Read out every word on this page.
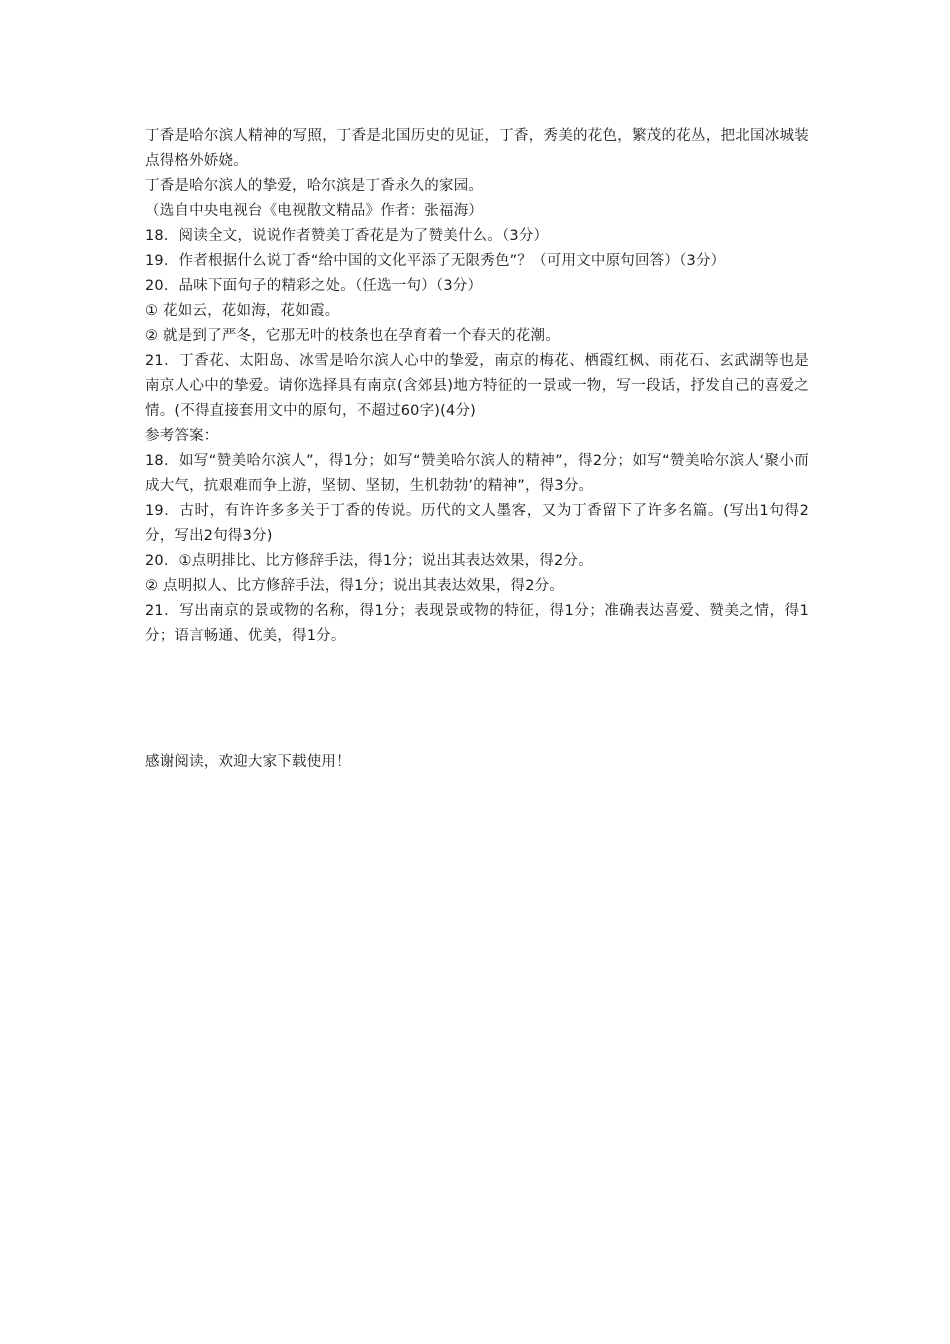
丁香是哈尔滨人精神的写照，丁香是北国历史的见证，丁香，秀美的花色，繁茂的花丛，把北国冰城装点得格外娇娆。

丁香是哈尔滨人的挚爱，哈尔滨是丁香永久的家园。

（选自中央电视台《电视散文精品》作者：张福海）

18．阅读全文，说说作者赞美丁香花是为了赞美什么。（3分）

19．作者根据什么说丁香“给中国的文化平添了无限秀色”？（可用文中原句回答）（3分）

20．品味下面句子的精彩之处。（任选一句）（3分）

① 花如云，花如海，花如霞。

② 就是到了严冬，它那无叶的枝条也在孕育着一个春天的花潮。

21．丁香花、太阳岛、冰雪是哈尔滨人心中的挚爱，南京的梅花、栖霞红枫、雨花石、玄武湖等也是南京人心中的挚爱。请你选择具有南京(含郊县)地方特征的一景或一物，写一段话，抒发自己的喜爱之情。(不得直接套用文中的原句，不超过60字)(4分)

参考答案：

18．如写“赞美哈尔滨人”，得1分；如写“赞美哈尔滨人的精神”，得2分；如写“赞美哈尔滨人‘聚小而成大气，抗艰难而争上游，坚韧、坚韧，生机勃勃’的精神”，得3分。

19．古时，有许许多多关于丁香的传说。历代的文人墨客，又为丁香留下了许多名篇。(写出1句得2分，写出2句得3分)

20．①点明排比、比方修辞手法，得1分；说出其表达效果，得2分。

② 点明拟人、比方修辞手法，得1分；说出其表达效果，得2分。

21．写出南京的景或物的名称，得1分；表现景或物的特征，得1分；准确表达喜爱、赞美之情，得1分；语言畅通、优美，得1分。

感谢阅读，欢迎大家下载使用！
